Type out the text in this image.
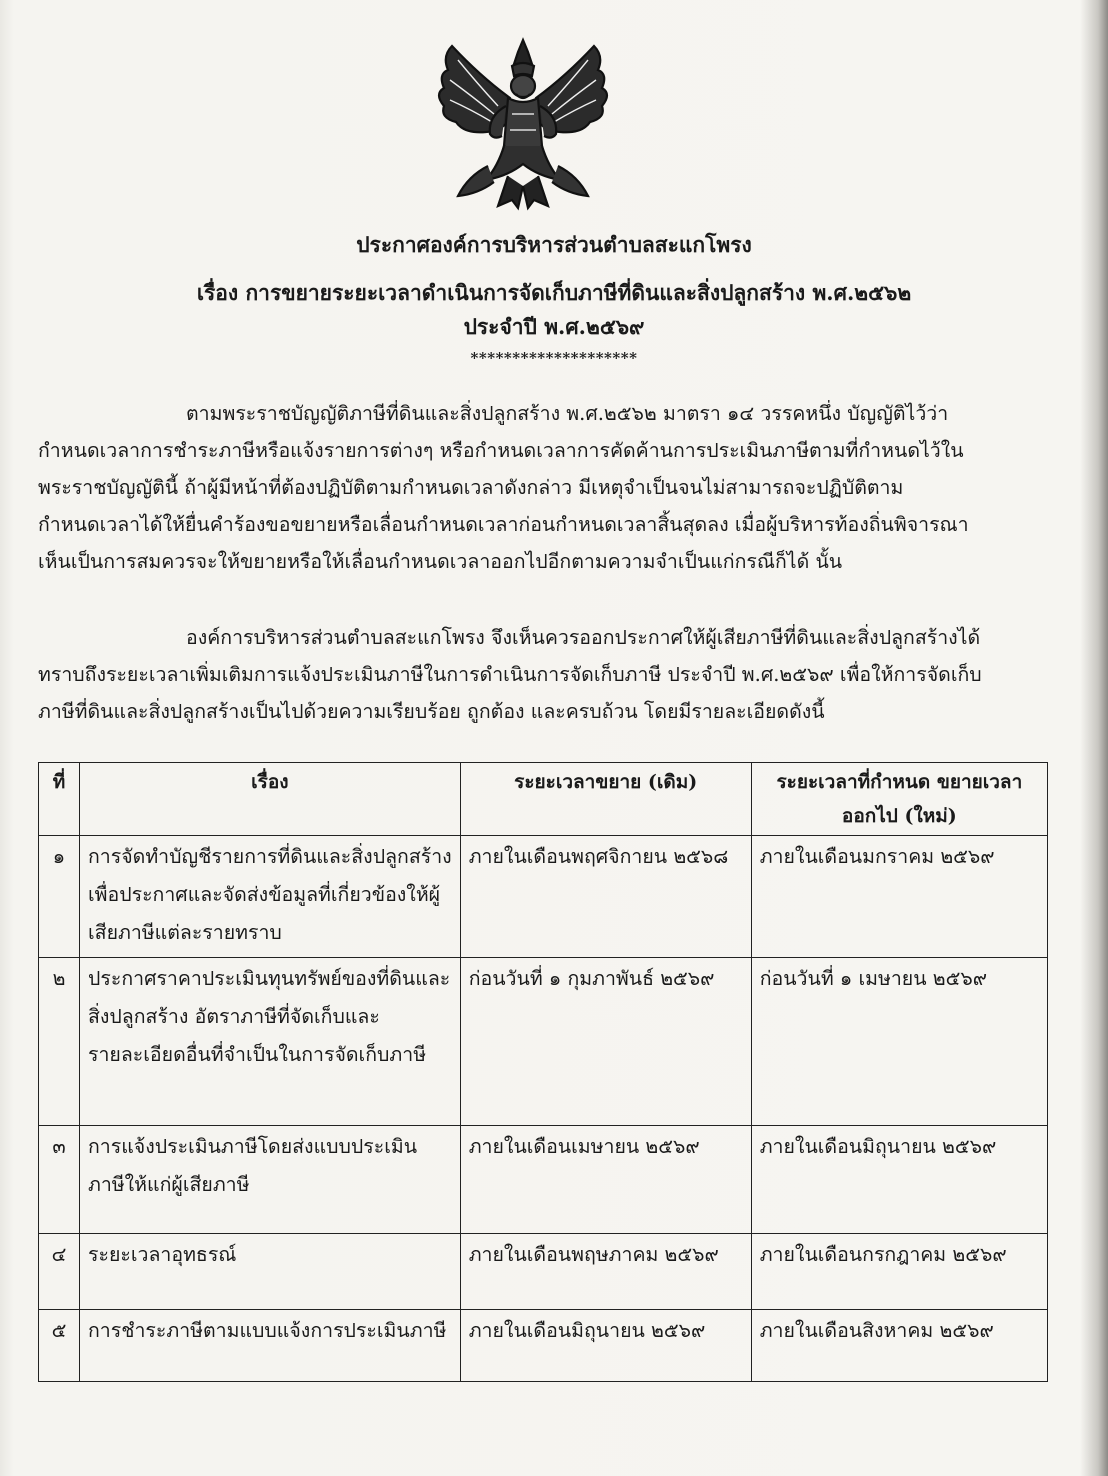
ประกาศองค์การบริหารส่วนตำบลสะแกโพรง
เรื่อง การขยายระยะเวลาดำเนินการจัดเก็บภาษีที่ดินและสิ่งปลูกสร้าง พ.ศ.๒๕๖๒
ประจำปี พ.ศ.๒๕๖๙
********************
ตามพระราชบัญญัติภาษีที่ดินและสิ่งปลูกสร้าง พ.ศ.๒๕๖๒ มาตรา ๑๔ วรรคหนึ่ง บัญญัติไว้ว่า
กำหนดเวลาการชำระภาษีหรือแจ้งรายการต่างๆ หรือกำหนดเวลาการคัดค้านการประเมินภาษีตามที่กำหนดไว้ใน
พระราชบัญญัตินี้ ถ้าผู้มีหน้าที่ต้องปฏิบัติตามกำหนดเวลาดังกล่าว มีเหตุจำเป็นจนไม่สามารถจะปฏิบัติตาม
กำหนดเวลาได้ให้ยื่นคำร้องขอขยายหรือเลื่อนกำหนดเวลาก่อนกำหนดเวลาสิ้นสุดลง เมื่อผู้บริหารท้องถิ่นพิจารณา
เห็นเป็นการสมควรจะให้ขยายหรือให้เลื่อนกำหนดเวลาออกไปอีกตามความจำเป็นแก่กรณีก็ได้ นั้น
องค์การบริหารส่วนตำบลสะแกโพรง จึงเห็นควรออกประกาศให้ผู้เสียภาษีที่ดินและสิ่งปลูกสร้างได้
ทราบถึงระยะเวลาเพิ่มเติมการแจ้งประเมินภาษีในการดำเนินการจัดเก็บภาษี ประจำปี พ.ศ.๒๕๖๙ เพื่อให้การจัดเก็บ
ภาษีที่ดินและสิ่งปลูกสร้างเป็นไปด้วยความเรียบร้อย ถูกต้อง และครบถ้วน โดยมีรายละเอียดดังนี้
ที่	เรื่อง	ระยะเวลาขยาย (เดิม)	ระยะเวลาที่กำหนด ขยายเวลาออกไป (ใหม่)
๑	การจัดทำบัญชีรายการที่ดินและสิ่งปลูกสร้าง
เพื่อประกาศและจัดส่งข้อมูลที่เกี่ยวข้องให้ผู้
เสียภาษีแต่ละรายทราบ	ภายในเดือนพฤศจิกายน ๒๕๖๘	ภายในเดือนมกราคม ๒๕๖๙
๒	ประกาศราคาประเมินทุนทรัพย์ของที่ดินและ
สิ่งปลูกสร้าง อัตราภาษีที่จัดเก็บและ
รายละเอียดอื่นที่จำเป็นในการจัดเก็บภาษี	ก่อนวันที่ ๑ กุมภาพันธ์ ๒๕๖๙	ก่อนวันที่ ๑ เมษายน ๒๕๖๙
๓	การแจ้งประเมินภาษีโดยส่งแบบประเมิน
ภาษีให้แก่ผู้เสียภาษี	ภายในเดือนเมษายน ๒๕๖๙	ภายในเดือนมิถุนายน ๒๕๖๙
๔	ระยะเวลาอุทธรณ์	ภายในเดือนพฤษภาคม ๒๕๖๙	ภายในเดือนกรกฎาคม ๒๕๖๙
๕	การชำระภาษีตามแบบแจ้งการประเมินภาษี	ภายในเดือนมิถุนายน ๒๕๖๙	ภายในเดือนสิงหาคม ๒๕๖๙
